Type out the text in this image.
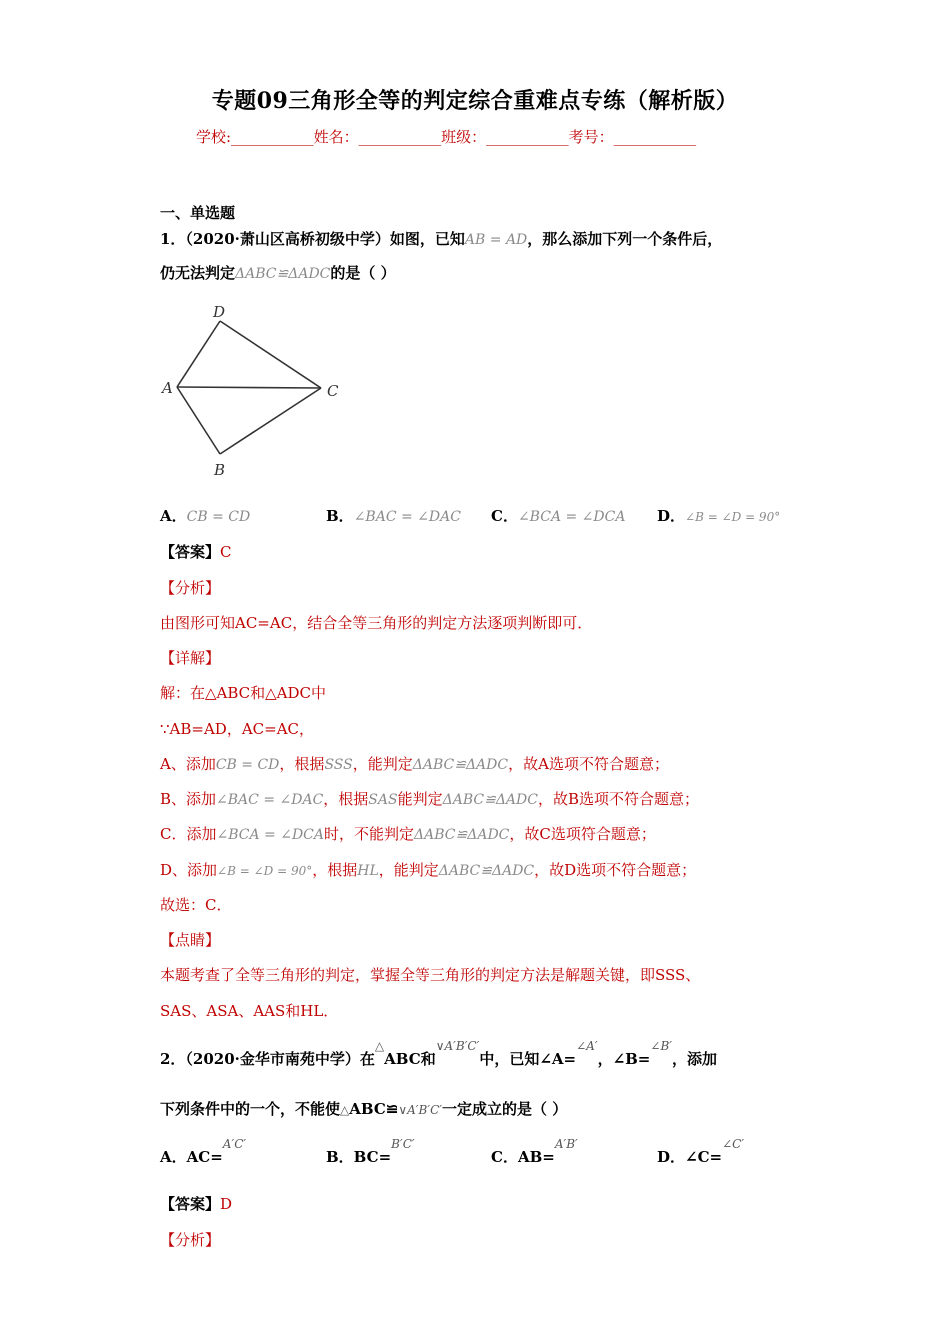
专题09三角形全等的判定综合重难点专练（解析版）
学校:___________姓名：___________班级：___________考号：___________
一、单选题
1．（2020·萧山区高桥初级中学）如图，已知AB = AD，那么添加下列一个条件后，
仍无法判定ΔABC≌ΔADC的是（ ）
D
A	C
B
A．CB = CD	B．∠BAC = ∠DAC C．∠BCA = ∠DCA D．∠B = ∠D = 90°
【答案】C
【分析】
由图形可知AC=AC，结合全等三角形的判定方法逐项判断即可．
【详解】
解：在△ABC和△ADC中
∵AB=AD，AC=AC，
A、添加CB = CD，根据SSS，能判定ΔABC≌ΔADC，故A选项不符合题意；
B、添加∠BAC = ∠DAC，根据SAS能判定ΔABC≌ΔADC，故B选项不符合题意；
C．添加∠BCA = ∠DCA时，不能判定ΔABC≌ΔADC，故C选项符合题意；
D、添加∠B = ∠D = 90°，根据HL，能判定ΔABC≌ΔADC，故D选项不符合题意；
故选：C．
【点睛】
本题考查了全等三角形的判定，掌握全等三角形的判定方法是解题关键，即SSS、
SAS、ASA、AAS和HL．
2．（2020·金华市南苑中学）在△ABC和$^{\vee A'B'C'}$中，已知∠A=$^{\angle A'}$，∠B=$^{\angle B'}$，添加
下列条件中的一个，不能使△ABC≌∨A′B′C′一定成立的是（ ）
A．AC=$^{A'C'}$
B．BC=$^{B'C'}$
C．AB=$^{A'B'}$
D．∠C=$^{\angle C'}$
【答案】D
【分析】
